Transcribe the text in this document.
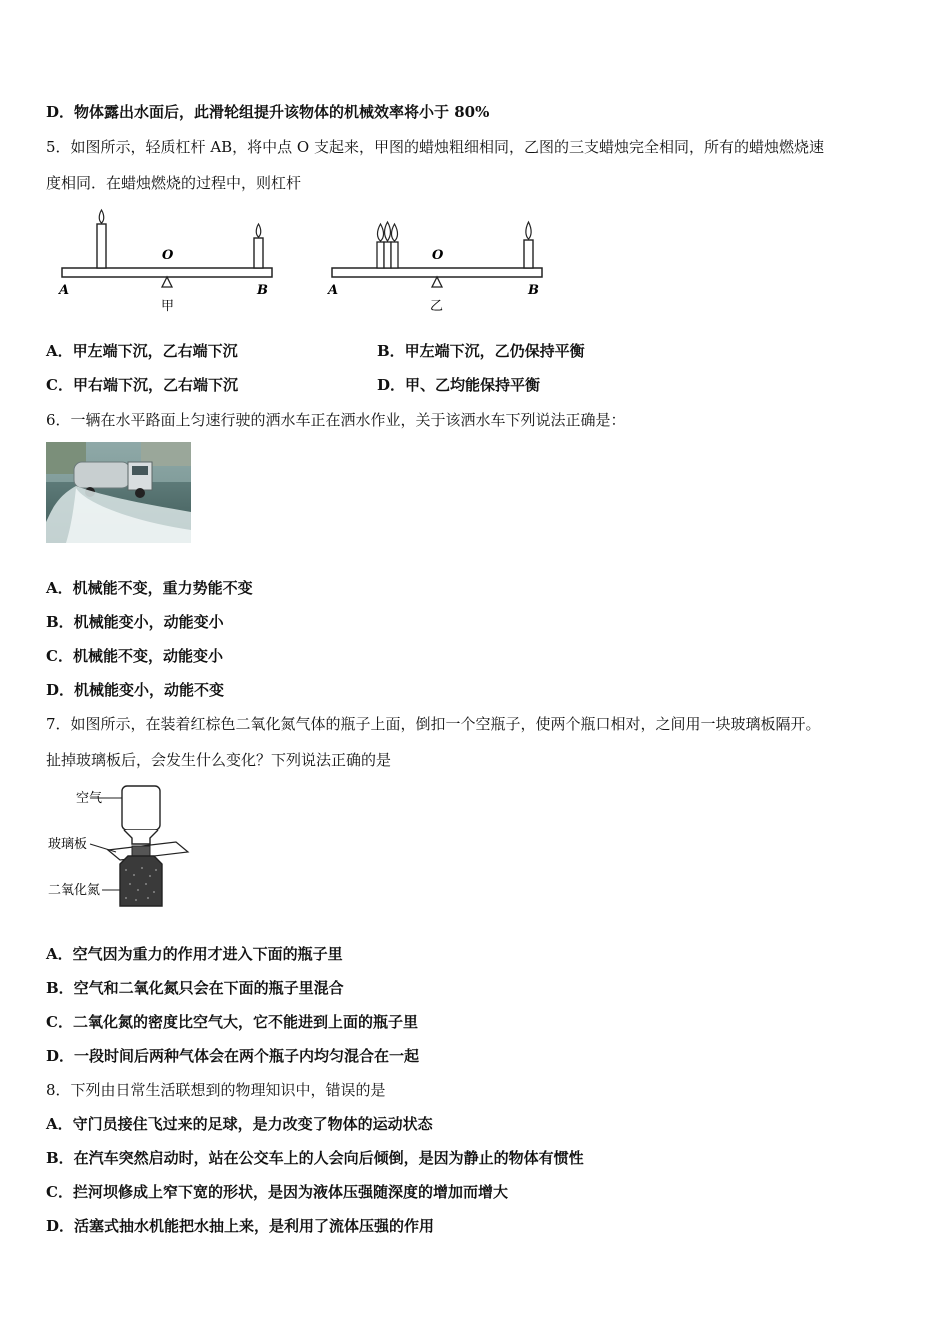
D．物体露出水面后，此滑轮组提升该物体的机械效率将小于 80%
5．如图所示，轻质杠杆 AB，将中点 O 支起来，甲图的蜡烛粗细相同，乙图的三支蜡烛完全相同，所有的蜡烛燃烧速
度相同．在蜡烛燃烧的过程中，则杠杆
O
A	B
甲
O
A	B
乙
A．甲左端下沉，乙右端下沉	B．甲左端下沉，乙仍保持平衡
C．甲右端下沉，乙右端下沉	D．甲、乙均能保持平衡
6．一辆在水平路面上匀速行驶的洒水车正在洒水作业，关于该洒水车下列说法正确是：
A．机械能不变，重力势能不变
B．机械能变小，动能变小
C．机械能不变，动能变小
D．机械能变小，动能不变
7．如图所示，在装着红棕色二氧化氮气体的瓶子上面，倒扣一个空瓶子，使两个瓶口相对，之间用一块玻璃板隔开。
扯掉玻璃板后，会发生什么变化？下列说法正确的是
空气
玻璃板
二氧化氮
A．空气因为重力的作用才进入下面的瓶子里
B．空气和二氧化氮只会在下面的瓶子里混合
C．二氧化氮的密度比空气大，它不能进到上面的瓶子里
D．一段时间后两种气体会在两个瓶子内均匀混合在一起
8．下列由日常生活联想到的物理知识中，错误的是
A．守门员接住飞过来的足球，是力改变了物体的运动状态
B．在汽车突然启动时，站在公交车上的人会向后倾倒，是因为静止的物体有惯性
C．拦河坝修成上窄下宽的形状，是因为液体压强随深度的增加而增大
D．活塞式抽水机能把水抽上来，是利用了流体压强的作用
